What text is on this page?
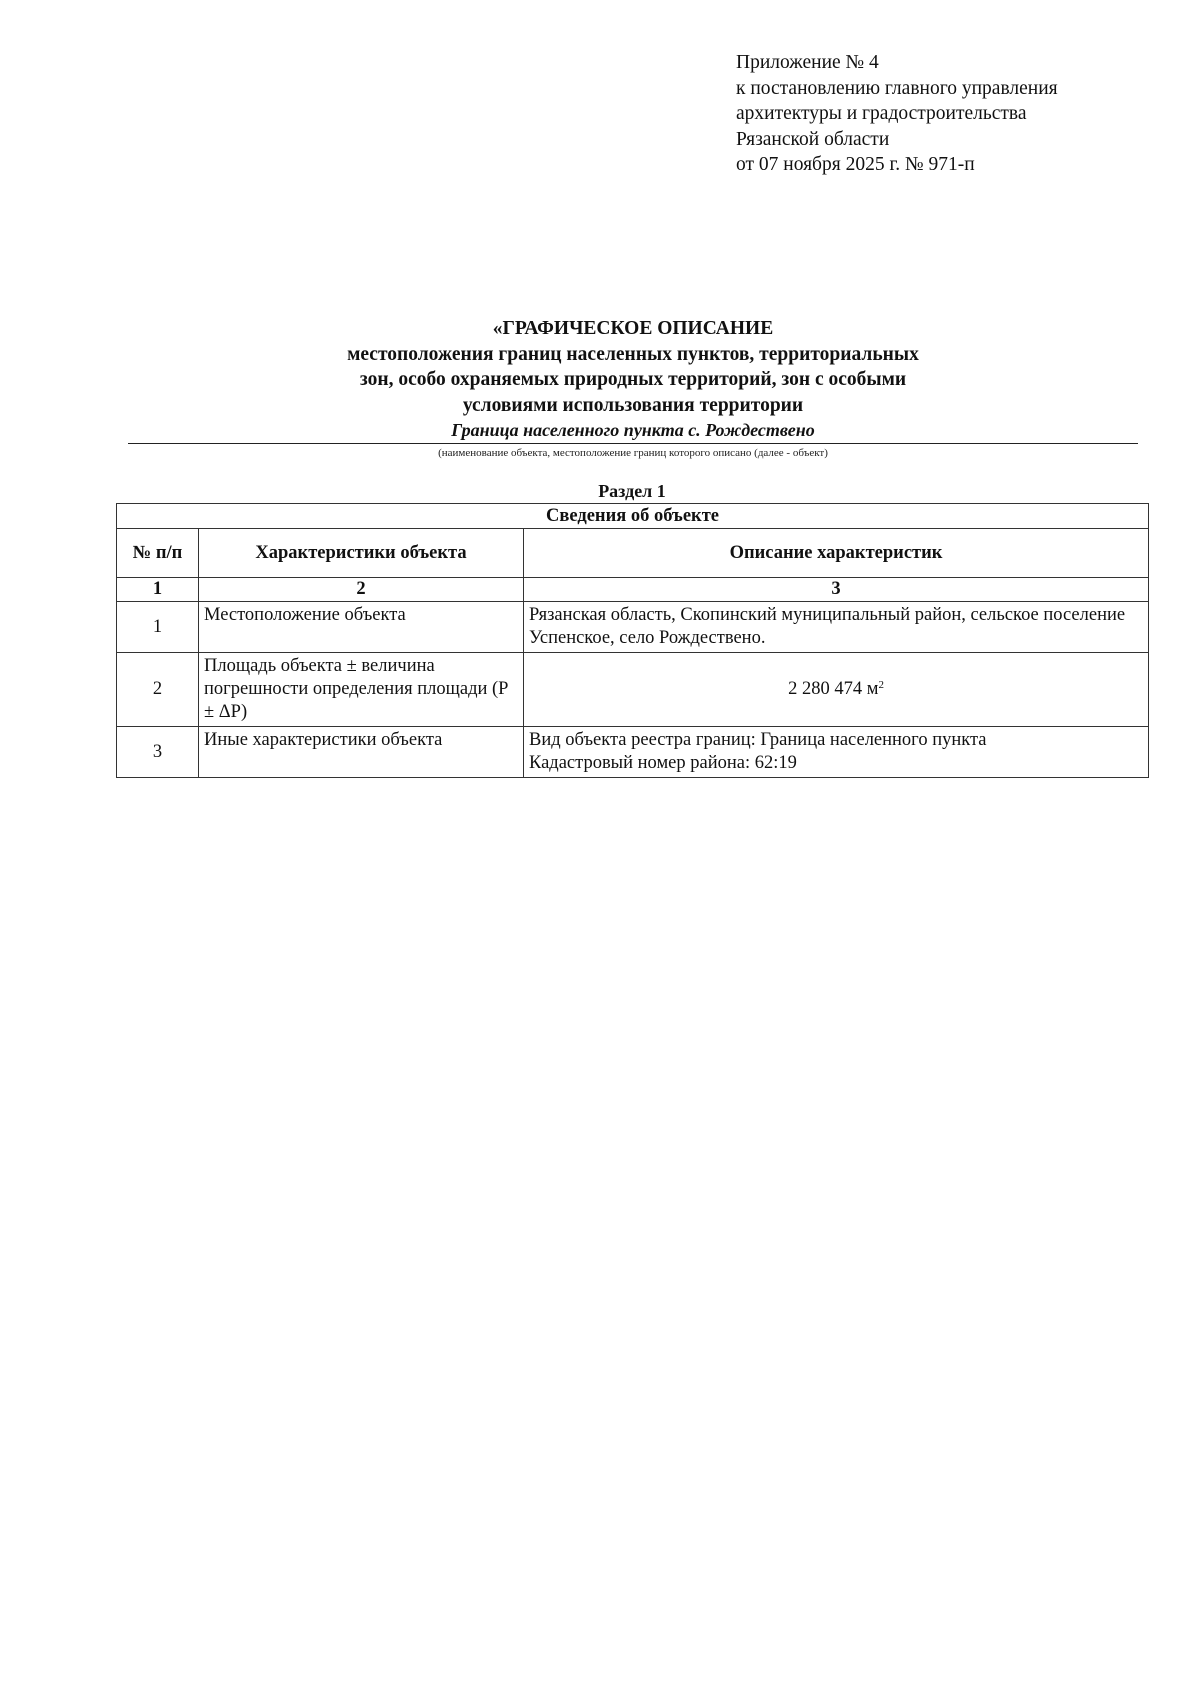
Приложение № 4
к постановлению главного управления
архитектуры и градостроительства
Рязанской области
от 07 ноября 2025 г. № 971-п
«ГРАФИЧЕСКОЕ ОПИСАНИЕ
местоположения границ населенных пунктов, территориальных
зон, особо охраняемых природных территорий, зон с особыми
условиями использования территории
Граница населенного пункта с. Рождествено
(наименование объекта, местоположение границ которого описано (далее - объект)
Раздел 1
Сведения об объекте		
№ п/п	Характеристики объекта	Описание характеристик
1	2	3
1	Местоположение объекта	Рязанская область, Скопинский муниципальный район, сельское поселение Успенское, село Рождествено.
2	Площадь объекта ± величина погрешности определения площади (P ± ΔP)	2 280 474 $м^2$
3	Иные характеристики объекта	Вид объекта реестра границ: Граница населенного пункта
Кадастровый номер района: 62:19
